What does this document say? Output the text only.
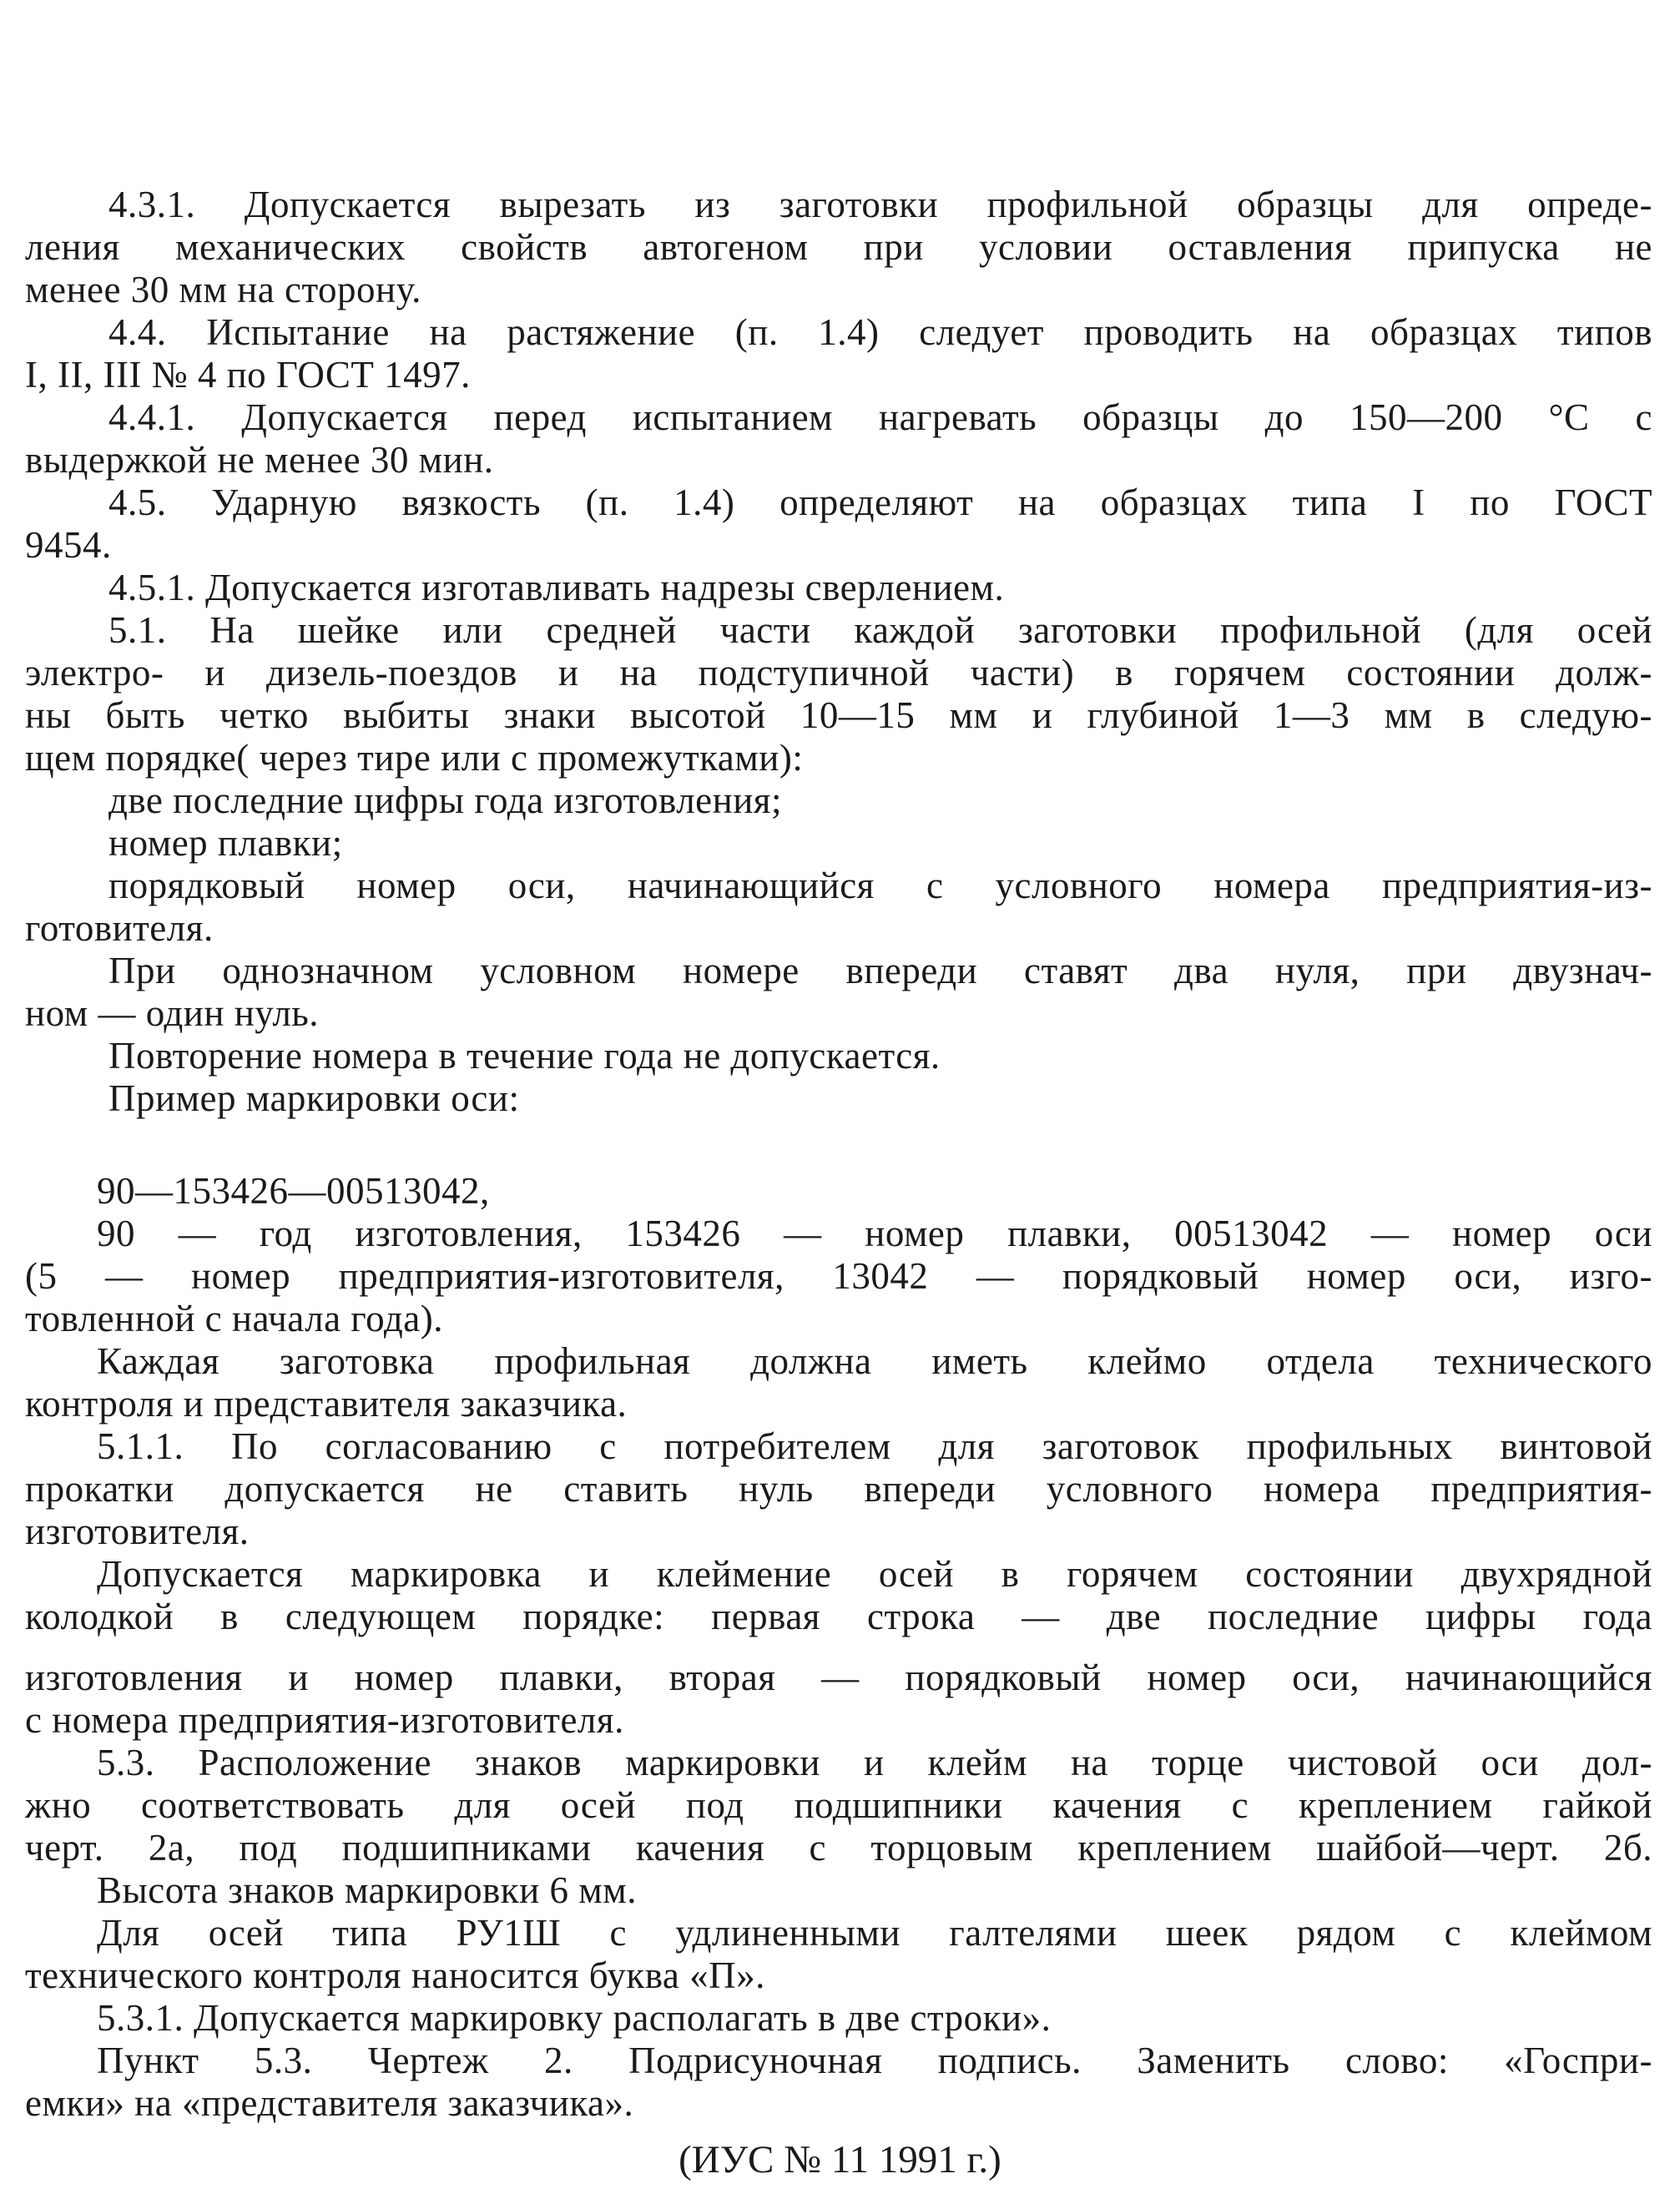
4.3.1. Допускается вырезать из заготовки профильной образцы для опреде-
ления механических свойств автогеном при условии оставления припуска не
менее 30 мм на сторону.
4.4. Испытание на растяжение (п. 1.4) следует проводить на образцах типов
I, II, III № 4 по ГОСТ 1497.
4.4.1. Допускается перед испытанием нагревать образцы до 150—200 °С с
выдержкой не менее 30 мин.
4.5. Ударную вязкость (п. 1.4) определяют на образцах типа I по ГОСТ
9454.
4.5.1. Допускается изготавливать надрезы сверлением.
5.1. На шейке или средней части каждой заготовки профильной (для осей
электро- и дизель-поездов и на подступичной части) в горячем состоянии долж-
ны быть четко выбиты знаки высотой 10—15 мм и глубиной 1—3 мм в следую-
щем порядке( через тире или с промежутками):
две последние цифры года изготовления;
номер плавки;
порядковый номер оси, начинающийся с условного номера предприятия-из-
готовителя.
При однозначном условном номере впереди ставят два нуля, при двузнач-
ном — один нуль.
Повторение номера в течение года не допускается.
Пример маркировки оси:
90—153426—00513042,
90 — год изготовления, 153426 — номер плавки, 00513042 — номер оси
(5 — номер предприятия-изготовителя, 13042 — порядковый номер оси, изго-
товленной с начала года).
Каждая заготовка профильная должна иметь клеймо отдела технического
контроля и представителя заказчика.
5.1.1. По согласованию с потребителем для заготовок профильных винтовой
прокатки допускается не ставить нуль впереди условного номера предприятия-
изготовителя.
Допускается маркировка и клеймение осей в горячем состоянии двухрядной
колодкой в следующем порядке: первая строка — две последние цифры года
изготовления и номер плавки, вторая — порядковый номер оси, начинающийся
с номера предприятия-изготовителя.
5.3. Расположение знаков маркировки и клейм на торце чистовой оси дол-
жно соответствовать для осей под подшипники качения с креплением гайкой
черт. 2а, под подшипниками качения с торцовым креплением шайбой—черт. 2б.
Высота знаков маркировки 6 мм.
Для осей типа РУ1Ш с удлиненными галтелями шеек рядом с клеймом
технического контроля наносится буква «П».
5.3.1. Допускается маркировку располагать в две строки».
Пункт 5.3. Чертеж 2. Подрисуночная подпись. Заменить слово: «Госпри-
емки» на «представителя заказчика».
(ИУС № 11 1991 г.)
